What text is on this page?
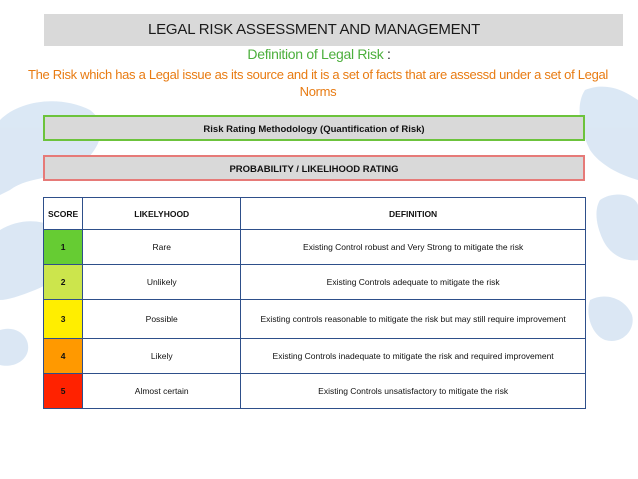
LEGAL RISK ASSESSMENT AND MANAGEMENT
Definition of Legal Risk :
The Risk which has a Legal issue as its source and it is a set of facts that are assessd under a set of Legal Norms
Risk Rating Methodology (Quantification of Risk)
PROBABILITY / LIKELIHOOD RATING
SCORE	LIKELYHOOD	DEFINITION
1	Rare	Existing Control robust and Very Strong to mitigate the risk
2	Unlikely	Existing Controls adequate to mitigate the risk
3	Possible	Existing controls reasonable to mitigate the risk but may still require improvement
4	Likely	Existing Controls inadequate to mitigate the risk and required improvement
5	Almost certain	Existing Controls unsatisfactory to mitigate the risk
